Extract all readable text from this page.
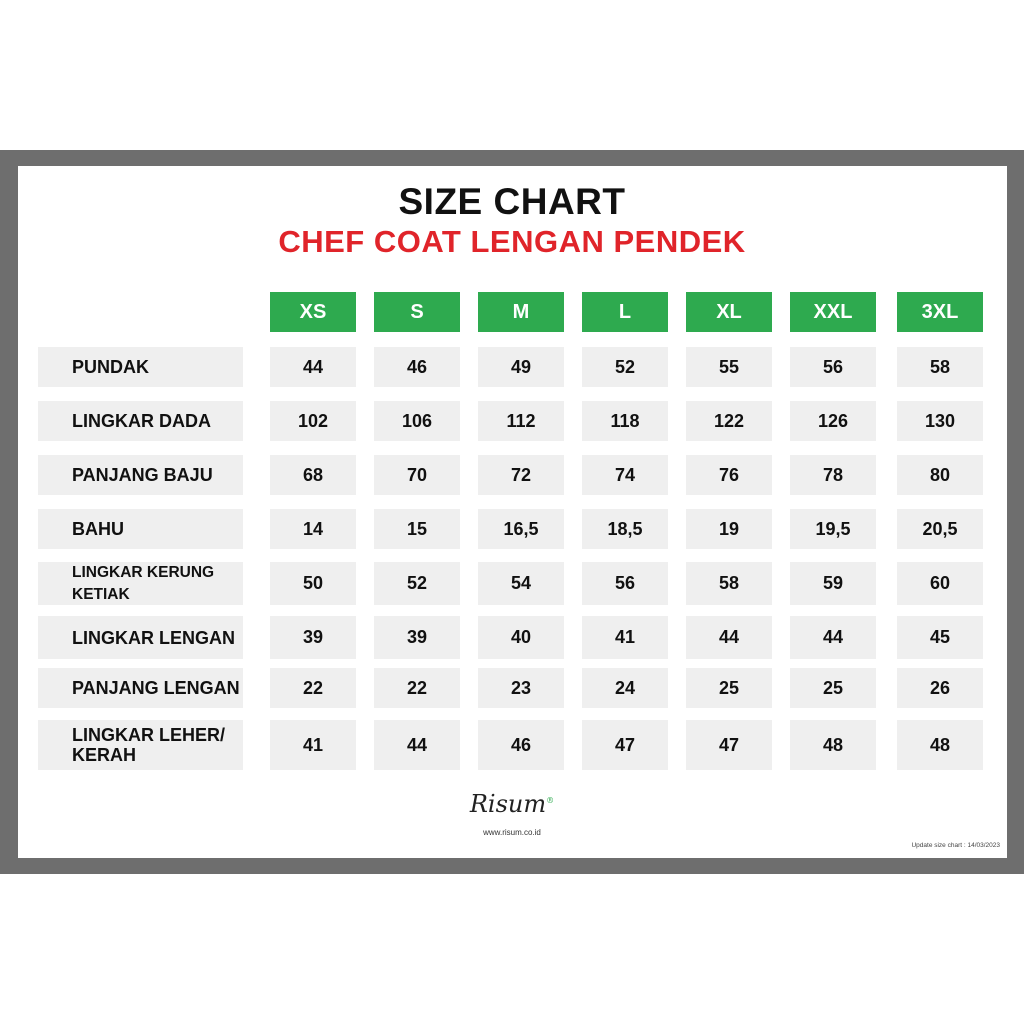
SIZE CHART
CHEF COAT LENGAN PENDEK
XS	S	M	L	XL	XXL	3XL
PUNDAK	44	46	49	52	55	56	58
LINGKAR DADA	102	106	112	118	122	126	130
PANJANG BAJU	68	70	72	74	76	78	80
BAHU	14	15	16,5	18,5	19	19,5	20,5
LINGKAR KERUNG
KETIAK
50	52	54	56	58	59	60
LINGKAR LENGAN	39	39	40	41	44	44	45
PANJANG LENGAN	22	22	23	24	25	25	26
LINGKAR LEHER/
KERAH
41	44	46	47	47	48	48
Risum®
www.risum.co.id
Update size chart : 14/03/2023
